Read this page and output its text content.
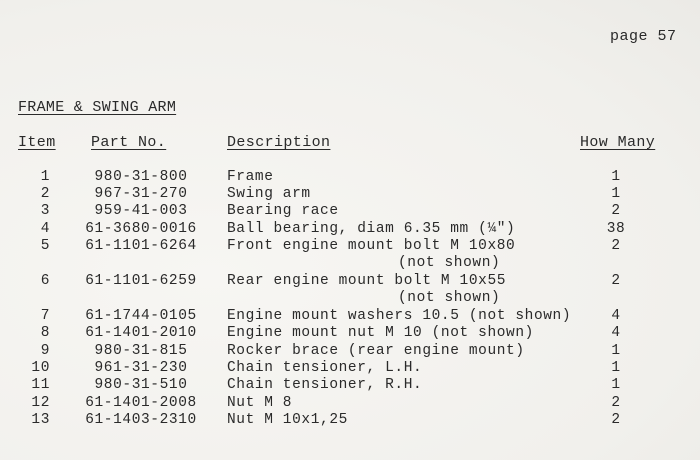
page 57
FRAME & SWING ARM
Item Part No.	Description	How Many
1	980-31-800	Frame	1
2	967-31-270	Swing arm	1
3	959-41-003	Bearing race	2
4	61-3680-0016	Ball bearing, diam 6.35 mm (¼")	38
5	61-1101-6264	Front engine mount bolt M 10x80	2
(not shown)
6	61-1101-6259	Rear engine mount bolt M 10x55	2
(not shown)
7	61-1744-0105	Engine mount washers 10.5 (not shown)	4
8	61-1401-2010	Engine mount nut M 10 (not shown)	4
9	980-31-815	Rocker brace (rear engine mount)	1
10	961-31-230	Chain tensioner, L.H.	1
11	980-31-510	Chain tensioner, R.H.	1
12	61-1401-2008	Nut M 8	2
13	61-1403-2310	Nut M 10x1,25	2
